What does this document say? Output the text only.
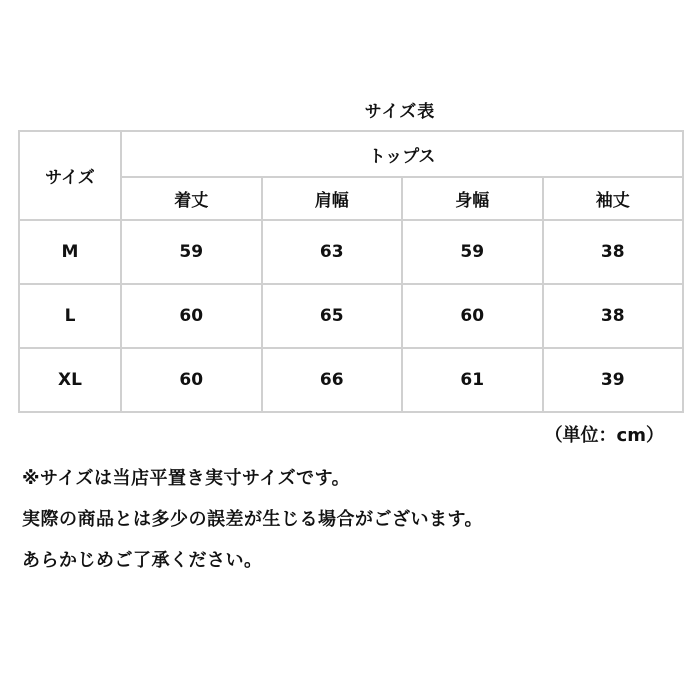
サイズ表
サイズ	トップス			
	着丈	肩幅	身幅	袖丈
M	59	63	59	38
L	60	65	60	38
XL	60	66	61	39
（単位：cm）
※サイズは当店平置き実寸サイズです。
実際の商品とは多少の誤差が生じる場合がございます。
あらかじめご了承ください。
